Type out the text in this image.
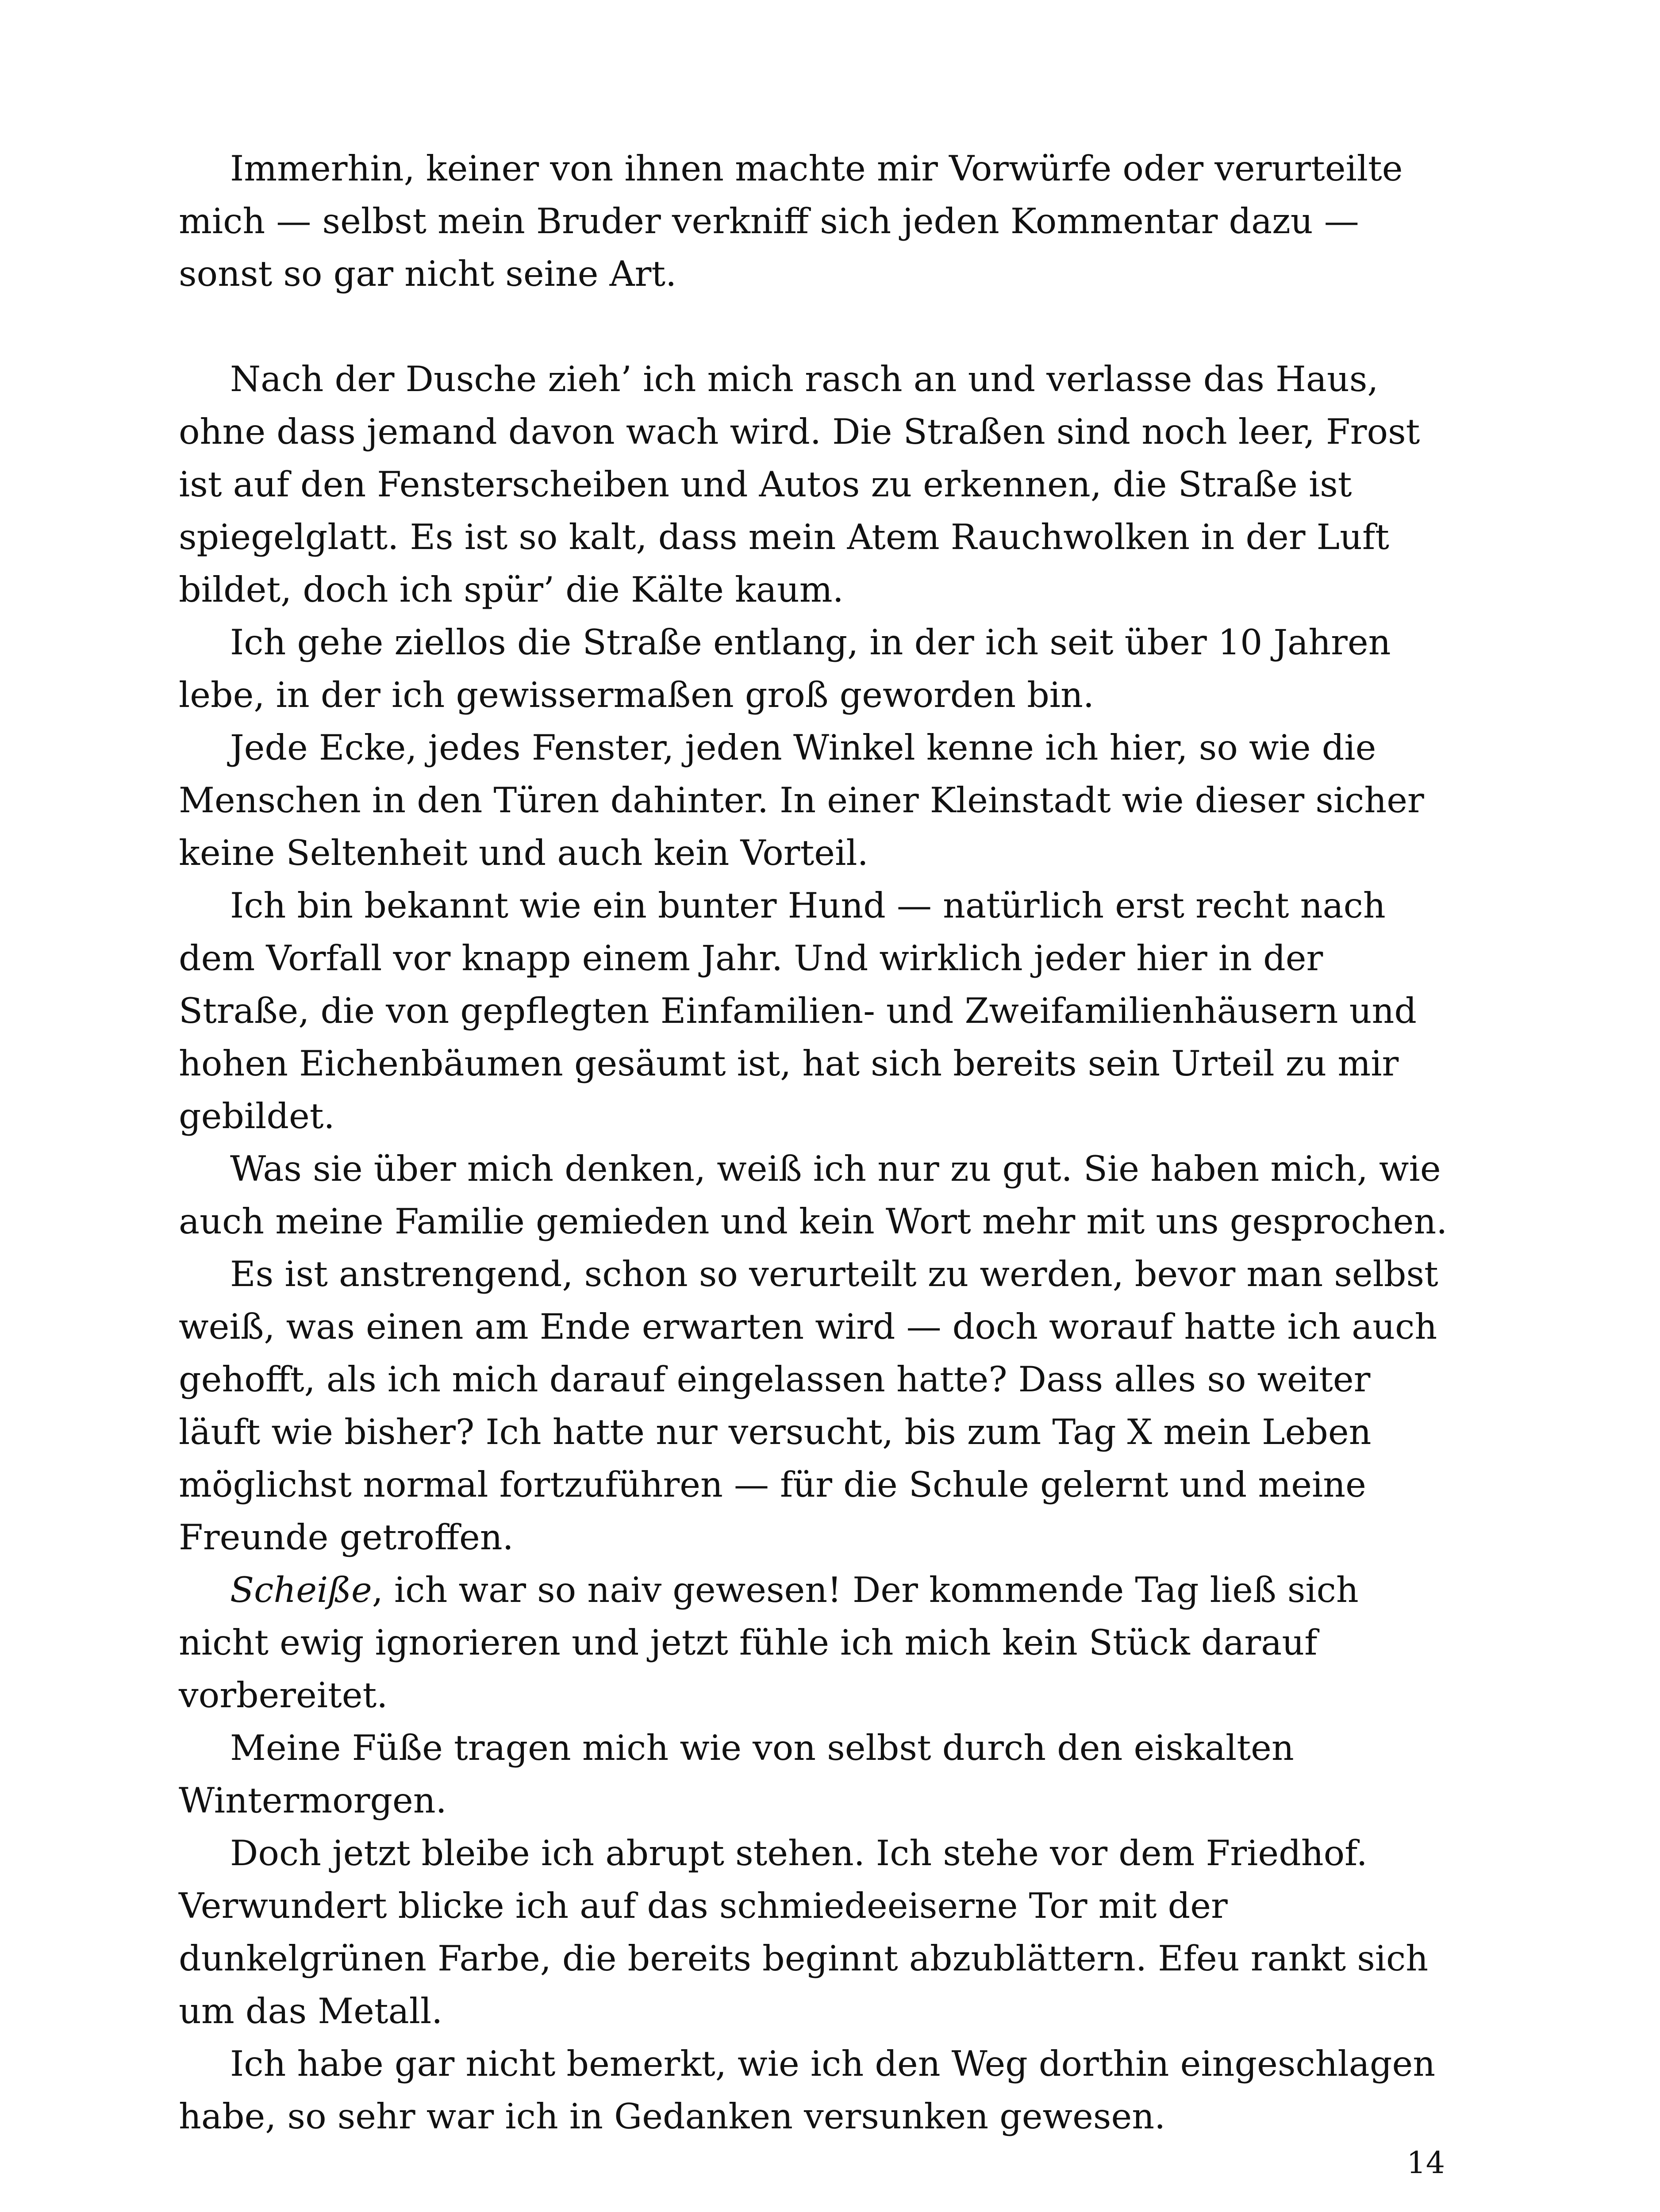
Immerhin, keiner von ihnen machte mir Vorwürfe oder verurteilte mich — selbst mein Bruder verkniff sich jeden Kommentar dazu — sonst so gar nicht seine Art.

Nach der Dusche zieh’ ich mich rasch an und verlasse das Haus, ohne dass jemand davon wach wird. Die Straßen sind noch leer, Frost ist auf den Fensterscheiben und Autos zu erkennen, die Straße ist spiegelglatt. Es ist so kalt, dass mein Atem Rauchwolken in der Luft bildet, doch ich spür’ die Kälte kaum.

Ich gehe ziellos die Straße entlang, in der ich seit über 10 Jahren lebe, in der ich gewissermaßen groß geworden bin.

Jede Ecke, jedes Fenster, jeden Winkel kenne ich hier, so wie die Menschen in den Türen dahinter. In einer Kleinstadt wie dieser sicher keine Seltenheit und auch kein Vorteil.

Ich bin bekannt wie ein bunter Hund — natürlich erst recht nach dem Vorfall vor knapp einem Jahr. Und wirklich jeder hier in der Straße, die von gepflegten Einfamilien- und Zweifamilienhäusern und hohen Eichenbäumen gesäumt ist, hat sich bereits sein Urteil zu mir gebildet.

Was sie über mich denken, weiß ich nur zu gut. Sie haben mich, wie auch meine Familie gemieden und kein Wort mehr mit uns gesprochen.

Es ist anstrengend, schon so verurteilt zu werden, bevor man selbst weiß, was einen am Ende erwarten wird — doch worauf hatte ich auch gehofft, als ich mich darauf eingelassen hatte? Dass alles so weiter läuft wie bisher? Ich hatte nur versucht, bis zum Tag X mein Leben möglichst normal fortzuführen — für die Schule gelernt und meine Freunde getroffen.

Scheiße, ich war so naiv gewesen! Der kommende Tag ließ sich nicht ewig ignorieren und jetzt fühle ich mich kein Stück darauf vorbereitet.

Meine Füße tragen mich wie von selbst durch den eiskalten Wintermorgen.

Doch jetzt bleibe ich abrupt stehen. Ich stehe vor dem Friedhof. Verwundert blicke ich auf das schmiedeeiserne Tor mit der dunkelgrünen Farbe, die bereits beginnt abzublättern. Efeu rankt sich um das Metall.

Ich habe gar nicht bemerkt, wie ich den Weg dorthin eingeschlagen habe, so sehr war ich in Gedanken versunken gewesen.

14
